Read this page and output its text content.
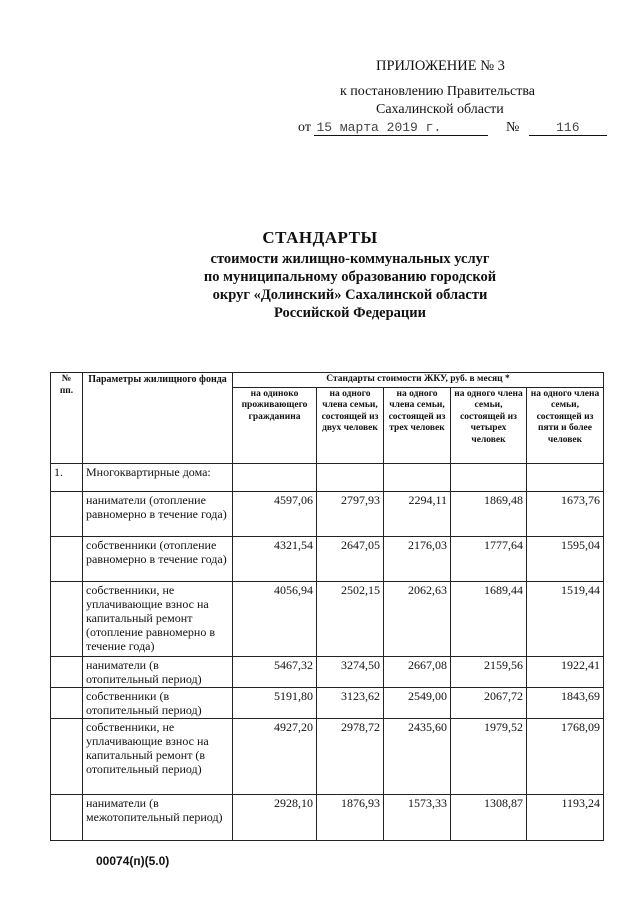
ПРИЛОЖЕНИЕ № 3
к постановлению Правительства
Сахалинской области
от 15 марта 2019 г.	№	116
СТАНДАРТЫ
стоимости жилищно-коммунальных услуг
по муниципальному образованию городской
округ «Долинский» Сахалинской области
Российской Федерации
№ пп.	Параметры жилищного фонда	Стандарты стоимости ЖКУ, руб. в месяц *				
		на одиноко проживающего гражданина	на одного члена семьи, состоящей из двух человек	на одного члена семьи, состоящей из трех человек	на одного члена семьи, состоящей из четырех человек	на одного члена семьи, состоящей из пяти и более человек
1.	Многоквартирные дома:					
	наниматели (отопление равномерно в течение года)	4597,06	2797,93	2294,11	1869,48	1673,76
	собственники (отопление равномерно в течение года)	4321,54	2647,05	2176,03	1777,64	1595,04
	собственники, не уплачивающие взнос на капитальный ремонт (отопление равномерно в течение года)	4056,94	2502,15	2062,63	1689,44	1519,44
	наниматели (в отопительный период)	5467,32	3274,50	2667,08	2159,56	1922,41
	собственники (в отопительный период)	5191,80	3123,62	2549,00	2067,72	1843,69
	собственники, не уплачивающие взнос на капитальный ремонт (в отопительный период)	4927,20	2978,72	2435,60	1979,52	1768,09
	наниматели (в межотопительный период)	2928,10	1876,93	1573,33	1308,87	1193,24
00074(п)(5.0)
